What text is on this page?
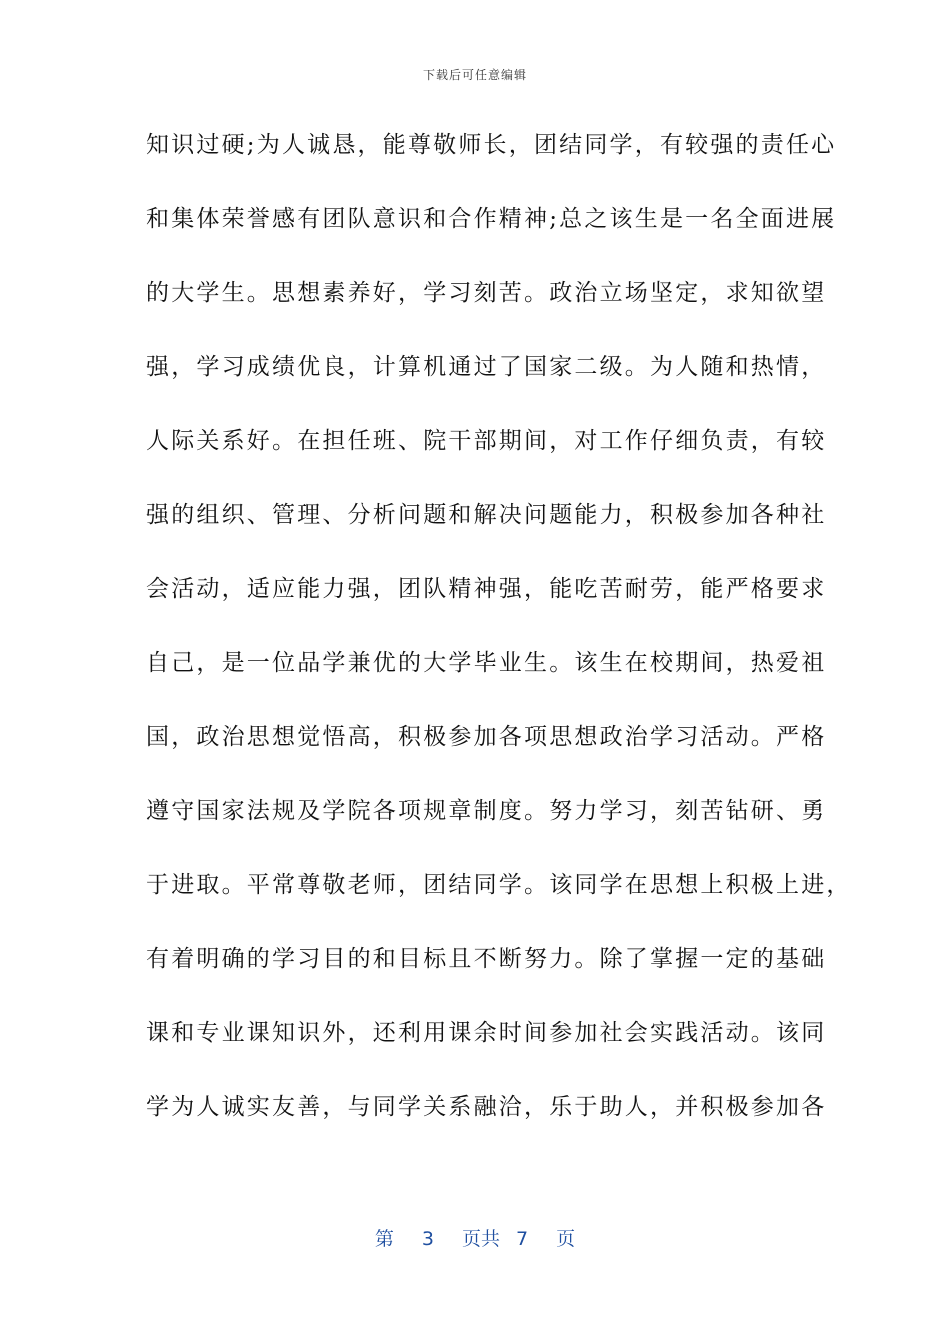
下载后可任意编辑
知识过硬;为人诚恳，能尊敬师长，团结同学，有较强的责任心
和集体荣誉感有团队意识和合作精神;总之该生是一名全面进展
的大学生。思想素养好，学习刻苦。政治立场坚定，求知欲望
强，学习成绩优良，计算机通过了国家二级。为人随和热情，
人际关系好。在担任班、院干部期间，对工作仔细负责，有较
强的组织、管理、分析问题和解决问题能力，积极参加各种社
会活动，适应能力强，团队精神强，能吃苦耐劳，能严格要求
自己，是一位品学兼优的大学毕业生。该生在校期间，热爱祖
国，政治思想觉悟高，积极参加各项思想政治学习活动。严格
遵守国家法规及学院各项规章制度。努力学习，刻苦钻研、勇
于进取。平常尊敬老师，团结同学。该同学在思想上积极上进，
有着明确的学习目的和目标且不断努力。除了掌握一定的基础
课和专业课知识外，还利用课余时间参加社会实践活动。该同
学为人诚实友善，与同学关系融洽，乐于助人，并积极参加各
第 3 页共 7 页
